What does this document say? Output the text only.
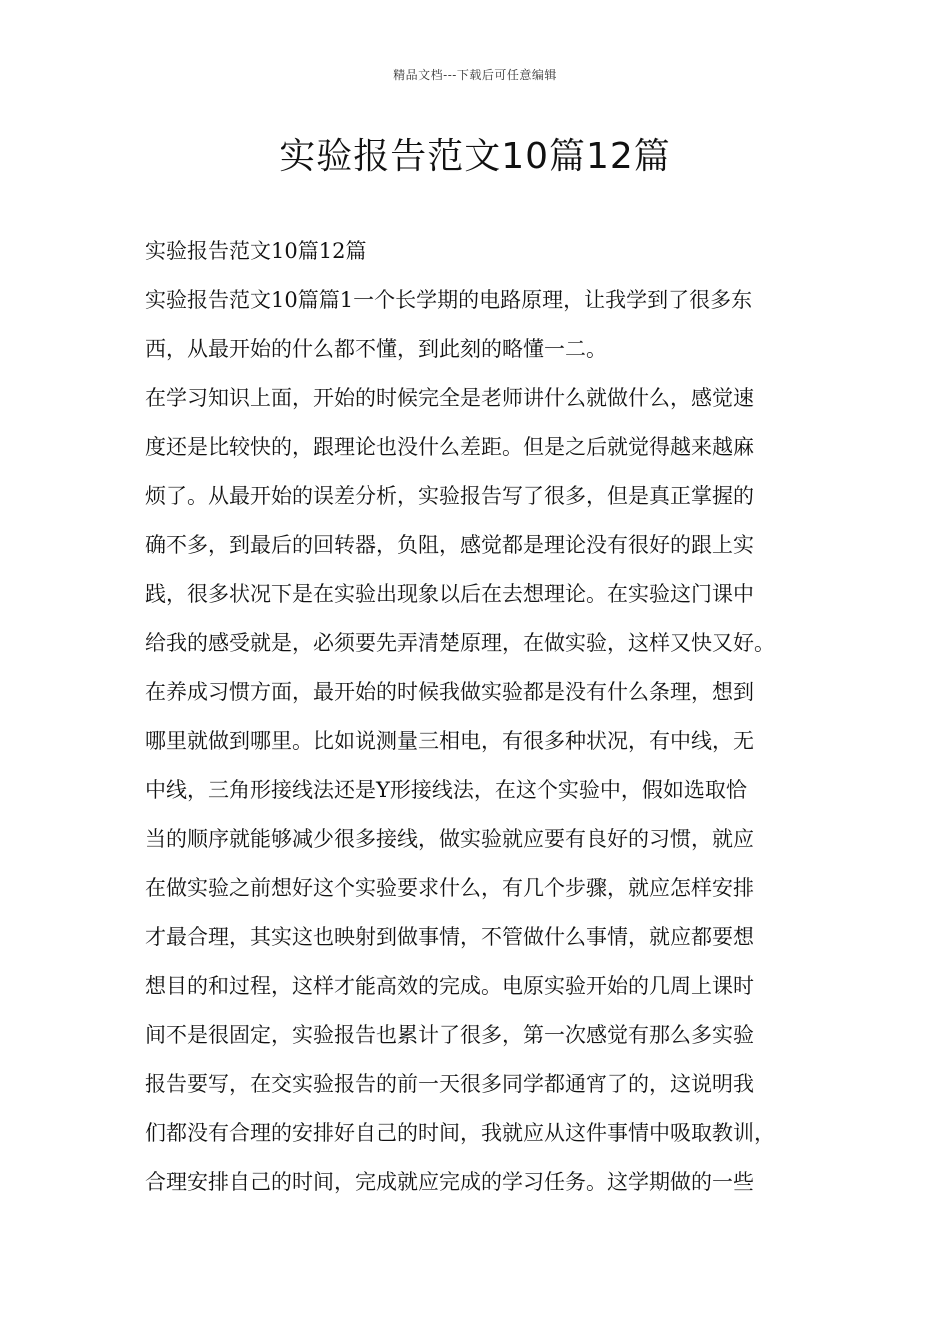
精品文档---下载后可任意编辑
实验报告范文10篇12篇
实验报告范文10篇12篇
实验报告范文10篇篇1一个长学期的电路原理，让我学到了很多东
西，从最开始的什么都不懂，到此刻的略懂一二。
在学习知识上面，开始的时候完全是老师讲什么就做什么，感觉速
度还是比较快的，跟理论也没什么差距。但是之后就觉得越来越麻
烦了。从最开始的误差分析，实验报告写了很多，但是真正掌握的
确不多，到最后的回转器，负阻，感觉都是理论没有很好的跟上实
践，很多状况下是在实验出现象以后在去想理论。在实验这门课中
给我的感受就是，必须要先弄清楚原理，在做实验，这样又快又好。
在养成习惯方面，最开始的时候我做实验都是没有什么条理，想到
哪里就做到哪里。比如说测量三相电，有很多种状况，有中线，无
中线，三角形接线法还是Y形接线法，在这个实验中，假如选取恰
当的顺序就能够减少很多接线，做实验就应要有良好的习惯，就应
在做实验之前想好这个实验要求什么，有几个步骤，就应怎样安排
才最合理，其实这也映射到做事情，不管做什么事情，就应都要想
想目的和过程，这样才能高效的完成。电原实验开始的几周上课时
间不是很固定，实验报告也累计了很多，第一次感觉有那么多实验
报告要写，在交实验报告的前一天很多同学都通宵了的，这说明我
们都没有合理的安排好自己的时间，我就应从这件事情中吸取教训，
合理安排自己的时间，完成就应完成的学习任务。这学期做的一些
